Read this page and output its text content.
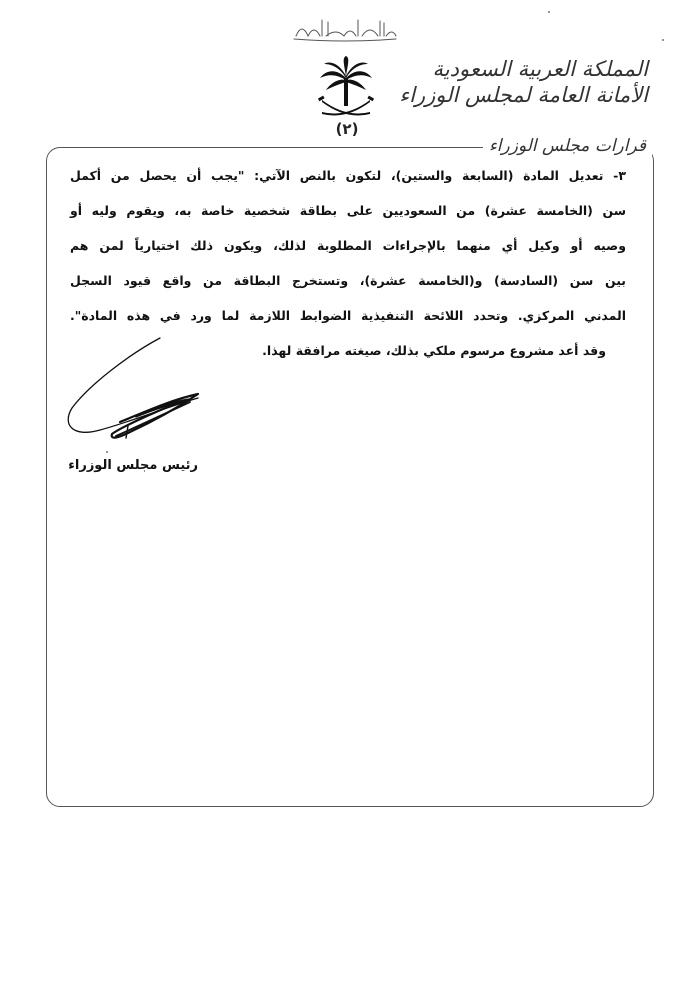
بسم الله الرحمن الرحيم
(٢)
المملكة العربية السعودية
الأمانة العامة لمجلس الوزراء
قرارات مجلس الوزراء
٣- تعديل المادة (السابعة والستين)، لتكون بالنص الآتي: "يجب أن يحصل من أكمل
سن (الخامسة عشرة) من السعوديين على بطاقة شخصية خاصة به، ويقوم وليه أو
وصيه أو وكيل أي منهما بالإجراءات المطلوبة لذلك، ويكون ذلك اختيارياً لمن هم
بين سن (السادسة) و(الخامسة عشرة)، وتستخرج البطاقة من واقع قيود السجل
المدني المركزي. وتحدد اللائحة التنفيذية الضوابط اللازمة لما ورد في هذه المادة".
وقد أعد مشروع مرسوم ملكي بذلك، صيغته مرافقة لهذا.
رئيس مجلس الوزراء
